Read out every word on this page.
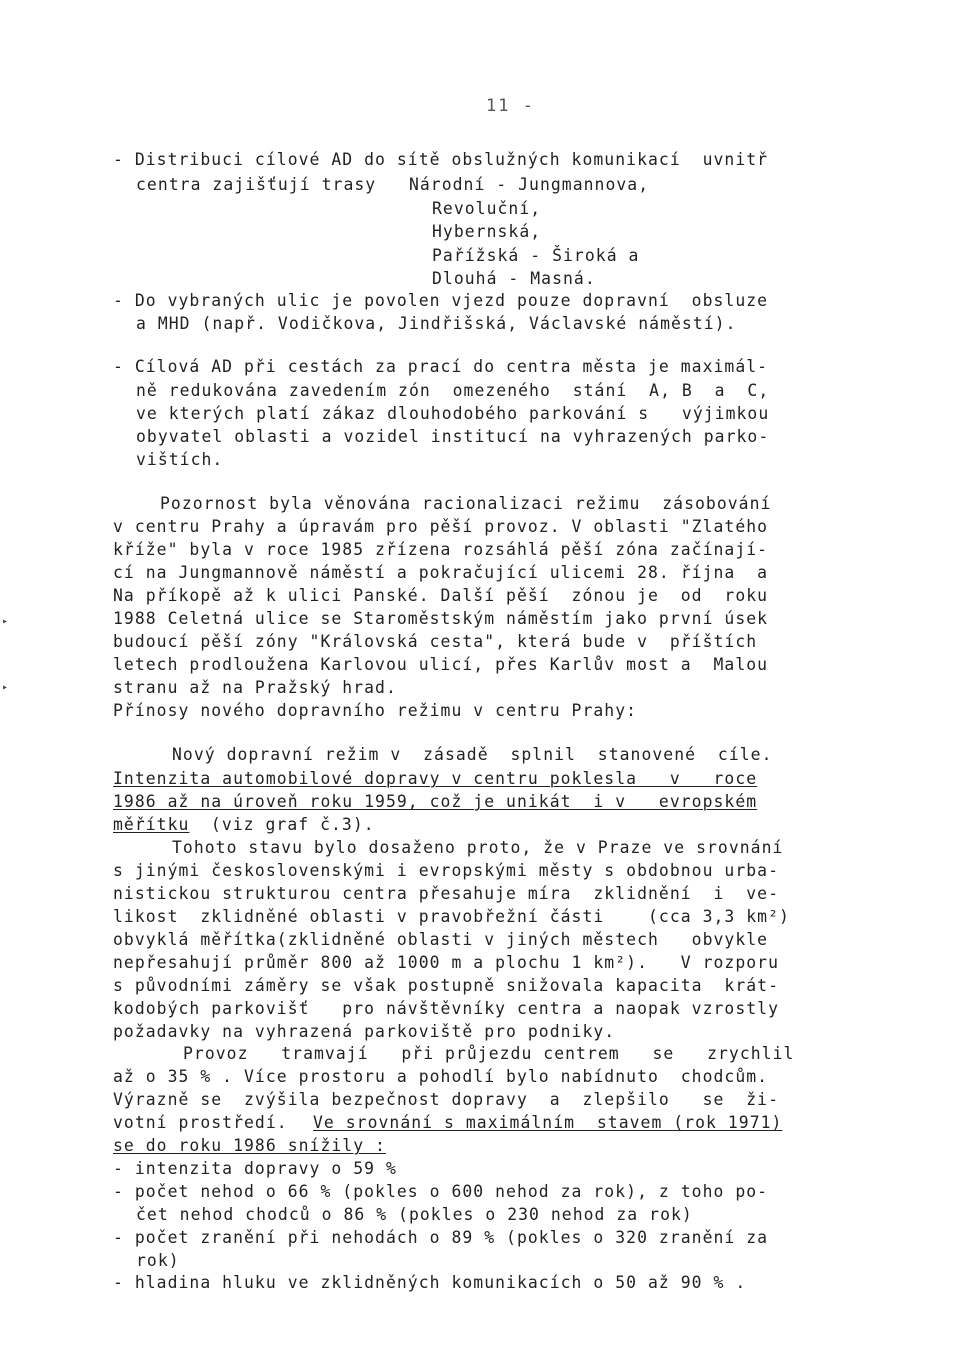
11 -
- Distribuci cílové AD do sítě obslužných komunikací  uvnitř
centra zajišťují trasy   Národní - Jungmannova,
Revoluční,
Hybernská,
Pařížská - Široká a
Dlouhá - Masná.
- Do vybraných ulic je povolen vjezd pouze dopravní  obsluze
a MHD (např. Vodičkova, Jindřišská, Václavské náměstí).
- Cílová AD při cestách za prací do centra města je maximál-
ně redukována zavedením zón  omezeného  stání  A, B  a  C,
ve kterých platí zákaz dlouhodobého parkování s   výjimkou
obyvatel oblasti a vozidel institucí na vyhrazených parko-
vištích.
Pozornost byla věnována racionalizaci režimu  zásobování
v centru Prahy a úpravám pro pěší provoz. V oblasti "Zlatého
kříže" byla v roce 1985 zřízena rozsáhlá pěší zóna začínají-
cí na Jungmannově náměstí a pokračující ulicemi 28. října  a
Na příkopě až k ulici Panské. Další pěší  zónou je  od  roku
1988 Celetná ulice se Staroměstským náměstím jako první úsek
budoucí pěší zóny "Královská cesta", která bude v  příštích
letech prodloužena Karlovou ulicí, přes Karlův most a  Malou
stranu až na Pražský hrad.
Přínosy nového dopravního režimu v centru Prahy:
Nový dopravní režim v  zásadě  splnil  stanovené  cíle.
Intenzita automobilové dopravy v centru poklesla   v   roce
1986 až na úroveň roku 1959, což je unikát  i v   evropském
měřítku (viz graf č.3).
Tohoto stavu bylo dosaženo proto, že v Praze ve srovnání
s jinými československými i evropskými městy s obdobnou urba-
nistickou strukturou centra přesahuje míra  zklidnění  i  ve-
likost  zklidněné oblasti v pravobřežní části    (cca 3,3 km²)
obvyklá měřítka(zklidněné oblasti v jiných městech   obvykle
nepřesahují průměr 800 až 1000 m a plochu 1 km²).   V rozporu
s původními záměry se však postupně snižovala kapacita  krát-
kodobých parkovišť   pro návštěvníky centra a naopak vzrostly
požadavky na vyhrazená parkoviště pro podniky.
Provoz   tramvají   při průjezdu centrem   se   zrychlil
až o 35 % . Více prostoru a pohodlí bylo nabídnuto  chodcům.
Výrazně se  zvýšila bezpečnost dopravy  a  zlepšilo   se  ži-
votní prostředí. Ve srovnání s maximálním  stavem (rok 1971)
se do roku 1986 snížily :
- intenzita dopravy o 59 %
- počet nehod o 66 % (pokles o 600 nehod za rok), z toho po-
čet nehod chodců o 86 % (pokles o 230 nehod za rok)
- počet zranění při nehodách o 89 % (pokles o 320 zranění za
rok)
- hladina hluku ve zklidněných komunikacích o 50 až 90 % .
▸
▸
